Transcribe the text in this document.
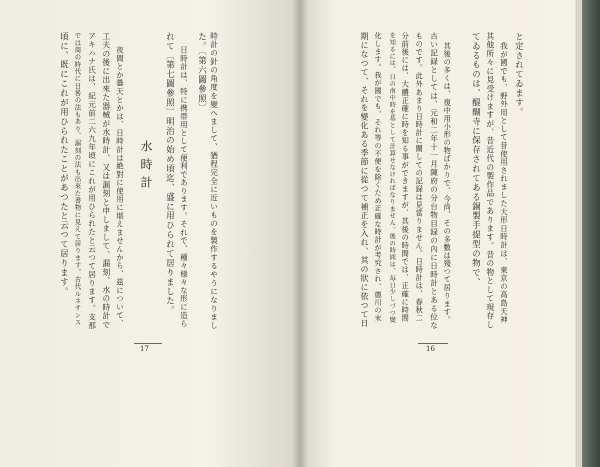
時計の針の角度を變へまして、猶程完全に近いものを製作するやうになりまし
た。〔第六圖參照〕
日時計は、特に携帯用として便利であります。それで、種々様々な形に造ら
れて〔第七圖參照〕明治の始め頃迄、盛に用ひられて居りました。
水時計
夜間とか曇天とかは、日時計は絶對に使用に堪えませんから、茲について、
工夫の後に出來た器械が水時計、又は漏刻と申しまして、漏刻、水の時計で
アキハナ氏は、紀元前二六九年頃にこれが用ひられたと云つて居ります。支那
では周の時代に日晷の法もあり、漏刻の法も出來た書物に見えて居ります。古代ルネサンス
頃に、既にこれが用ひられたことがあつたと云つて居ります。
17
と定されてゐます。
我が國でも、野外用として昔使用されました大形日時計は、東京の高島天神
其他所々に見受けますが、昔近代の製作品であります。昔の物として現存し
てゐるものは、醍醐寺に保存されてある銅製手提型の物で、
其後の多くは、復中用小形の物ばかりで、今尚、その多數は殘つて居ります。
古い記録としては、元和二年十一月陳府の分台物目録の內に日時計とある位な
ものです。此外あまり日時計に關しての記録は見當りません。日時計は、春秋二
分前後には、大體正確に時を知る事ができますが、其後の時間では、正確に時間
を知るには、日の南中時を基として計算せなければなりません。後の時間は、毎日少しづつ變
化します。我が國でも、それ等の不便を除くため正確な時計が考究され、德川の末
期になつて、それを變化ある季節に從つて補正を入れ、其の狀に依つて日
16
